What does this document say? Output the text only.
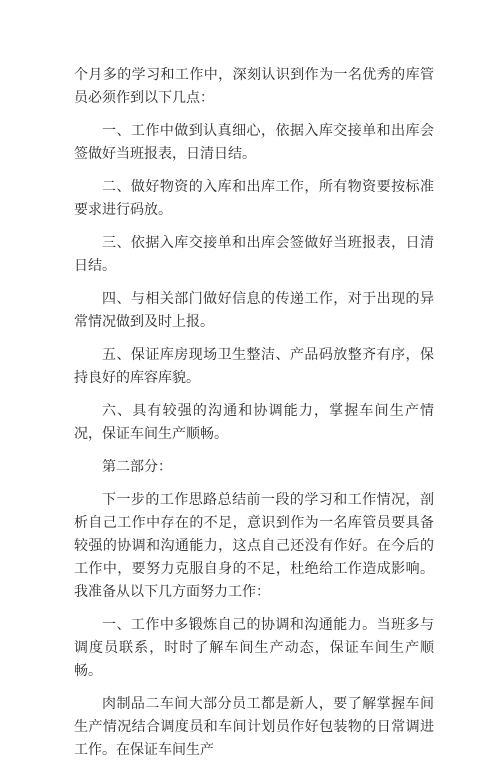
个月多的学习和工作中，深刻认识到作为一名优秀的库管员必须作到以下几点：

一、工作中做到认真细心，依据入库交接单和出库会签做好当班报表，日清日结。

二、做好物资的入库和出库工作，所有物资要按标准要求进行码放。

三、依据入库交接单和出库会签做好当班报表，日清日结。

四、与相关部门做好信息的传递工作，对于出现的异常情况做到及时上报。

五、保证库房现场卫生整洁、产品码放整齐有序，保持良好的库容库貌。

六、具有较强的沟通和协调能力，掌握车间生产情况，保证车间生产顺畅。

第二部分：

下一步的工作思路总结前一段的学习和工作情况，剖析自己工作中存在的不足，意识到作为一名库管员要具备较强的协调和沟通能力，这点自己还没有作好。在今后的工作中，要努力克服自身的不足，杜绝给工作造成影响。我准备从以下几方面努力工作：

一、工作中多锻炼自己的协调和沟通能力。当班多与调度员联系，时时了解车间生产动态，保证车间生产顺畅。

肉制品二车间大部分员工都是新人，要了解掌握车间生产情况结合调度员和车间计划员作好包装物的日常调进工作。在保证车间生产
